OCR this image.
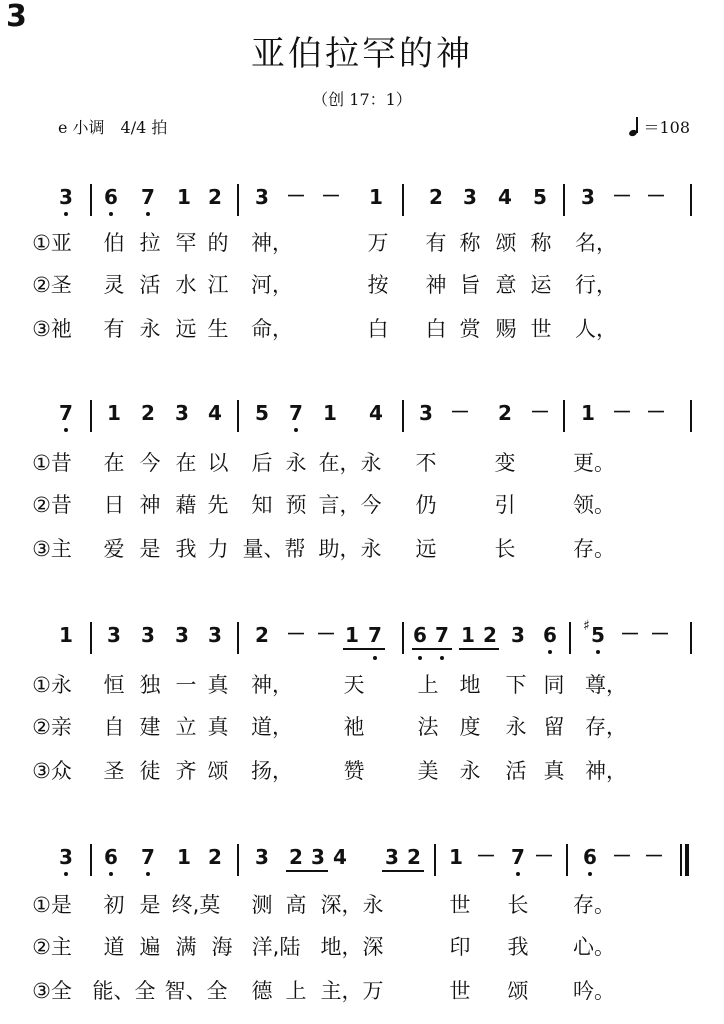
3
亚伯拉罕的神
（创 17：1）
e 小调　4/4 拍	＝108
3 6 7 1 2 3 － － 1 2 3 4 5 3 － －
①亚 伯 拉 罕 的 神，	万 有 称 颂 称 名，
②圣 灵 活 水 江 河，	按 神 旨 意 运 行，
③祂 有 永 远 生 命，	白 白 赏 赐 世 人，
7 1 2 3 4 5 7 1 4 3 － 2 － 1 － －
①昔 在 今 在 以 后 永 在，永 不	变	更。
②昔 日 神 藉 先 知 预 言，今 仍	引	领。
③主 爱 是 我 力 量、帮 助，永 远	长	存。
1 3 3 3 3 2 － － 1 7 6 7 1 2 3 6 ♯ 5 － －
①永 恒 独 一 真 神， 天	上 地 下 同 尊，
②亲 自 建 立 真 道， 祂	法 度 永 留 存，
③众 圣 徒 齐 颂 扬， 赞	美 永 活 真 神，
3 6 7 1 2 3 2 3 4 3 2 1 － 7 － 6 － －
①是 初 是 终,莫 测 高 深，永	世 长 存。
②主 道 遍 满 海 洋,陆 地，深	印 我 心。
③全 能、全 智、全 德 上 主，万	世 颂 吟。
